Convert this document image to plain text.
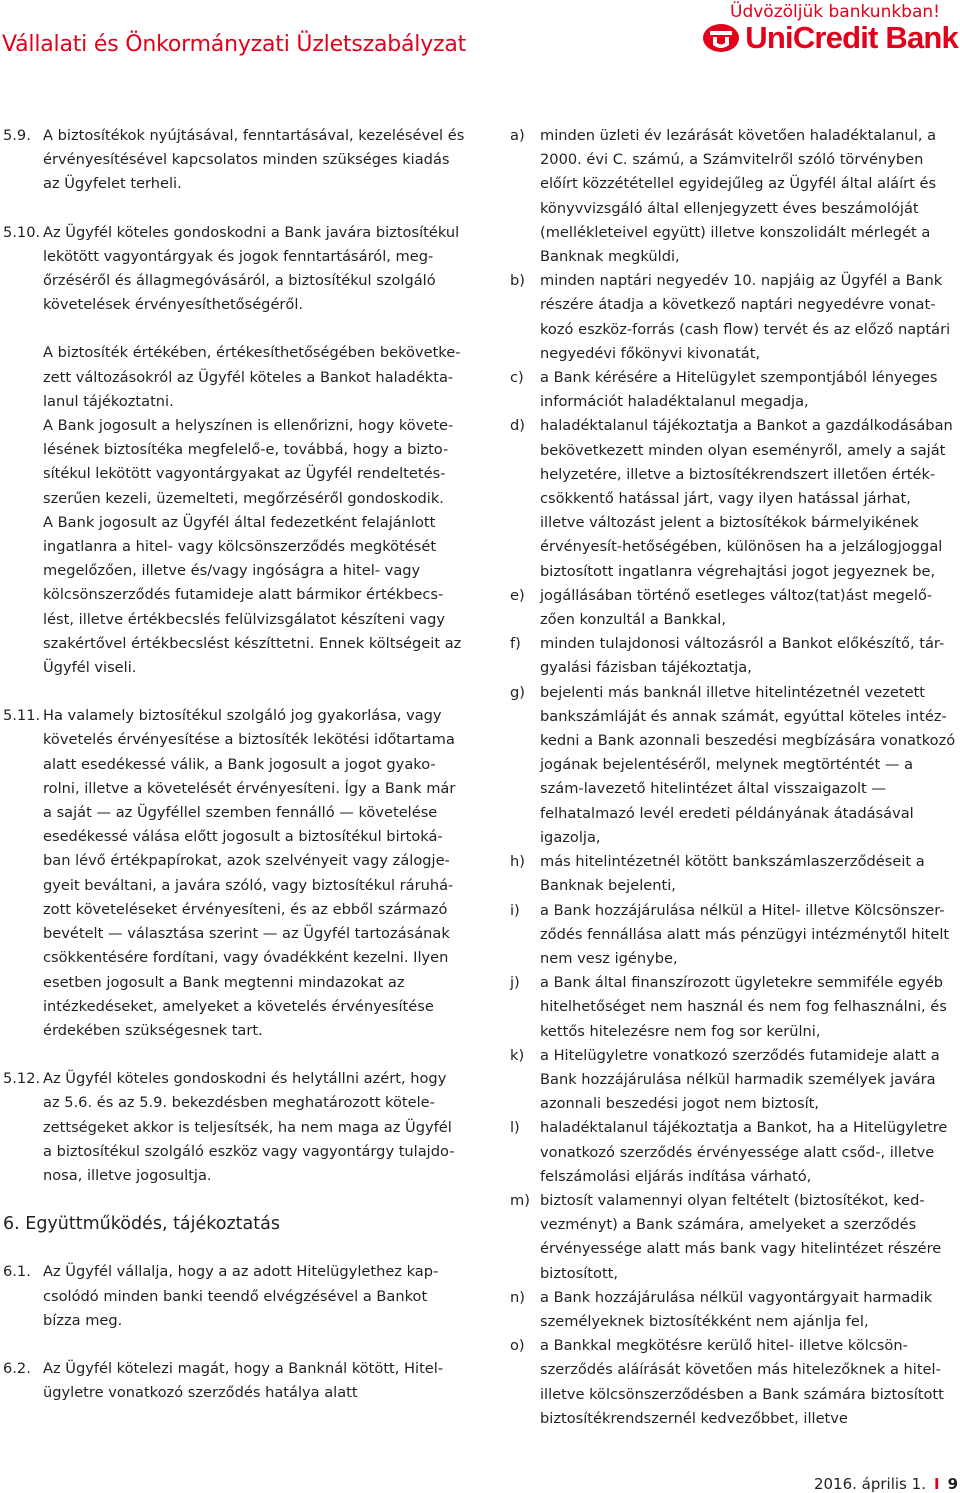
Vállalati és Önkormányzati Üzletszabályzat
Üdvözöljük bankunkban!
UniCredit Bank
5.9. A biztosítékok nyújtásával, fenntartásával, kezelésével és érvényesítésével kapcsolatos minden szükséges kiadás az Ügyfelet terheli.
5.10. Az Ügyfél köteles gondoskodni a Bank javára biztosítékul lekötött vagyontárgyak és jogok fenntartásáról, meg-őrzéséről és állagmegóvásáról, a biztosítékul szolgáló követelések érvényesíthetőségéről.

A biztosíték értékében, értékesíthetőségében bekövetke-zett változásokról az Ügyfél köteles a Bankot haladékta-lanul tájékoztatni.

A Bank jogosult a helyszínen is ellenőrizni, hogy követe-lésének biztosítéka megfelelő-e, továbbá, hogy a bizto-sítékul lekötött vagyontárgyakat az Ügyfél rendeltetés-szerűen kezeli, üzemelteti, megőrzéséről gondoskodik.

A Bank jogosult az Ügyfél által fedezetként felajánlott ingatlanra a hitel- vagy kölcsönszerződés megkötését megelőzően, illetve és/vagy ingóságra a hitel- vagy kölcsönszerződés futamideje alatt bármikor értékbecs-lést, illetve értékbecslés felülvizsgálatot készíteni vagy szakértővel értékbecslést készíttetni. Ennek költségeit az Ügyfél viseli.

5.11. Ha valamely biztosítékul szolgáló jog gyakorlása, vagy követelés érvényesítése a biztosíték lekötési időtartama alatt esedékessé válik, a Bank jogosult a jogot gyako-rolni, illetve a követelését érvényesíteni. Így a Bank már a saját — az Ügyféllel szemben fennálló — követelése esedékessé válása előtt jogosult a biztosítékul birtoká-ban lévő értékpapírokat, azok szelvényeit vagy zálogje-gyeit beváltani, a javára szóló, vagy biztosítékul ráruhá-zott követeléseket érvényesíteni, és az ebből származó bevételt — választása szerint — az Ügyfél tartozásának csökkentésére fordítani, vagy óvadékként kezelni. Ilyen esetben jogosult a Bank megtenni mindazokat az intézkedéseket, amelyeket a követelés érvényesítése érdekében szükségesnek tart.
5.12. Az Ügyfél köteles gondoskodni és helytállni azért, hogy az 5.6. és az 5.9. bekezdésben meghatározott kötele-zettségeket akkor is teljesítsék, ha nem maga az Ügyfél a biztosítékul szolgáló eszköz vagy vagyontárgy tulajdo-nosa, illetve jogosultja.

6. Együttműködés, tájékoztatás

6.1. Az Ügyfél vállalja, hogy a az adott Hitelügylethez kap-csolódó minden banki teendő elvégzésével a Bankot bízza meg.
6.2. Az Ügyfél kötelezi magát, hogy a Banknál kötött, Hitel-ügyletre vonatkozó szerződés hatálya alatt
a) minden üzleti év lezárását követően haladéktalanul, a 2000. évi C. számú, a Számvitelről szóló törvényben előírt közzététellel egyidejűleg az Ügyfél által aláírt és könyvvizsgáló által ellenjegyzett éves beszámolóját (mellékleteivel együtt) illetve konszolidált mérlegét a Banknak megküldi,
b) minden naptári negyedév 10. napjáig az Ügyfél a Bank részére átadja a következő naptári negyedévre vonat-kozó eszköz-forrás (cash flow) tervét és az előző naptári negyedévi főkönyvi kivonatát,
c) a Bank kérésére a Hitelügylet szempontjából lényeges információt haladéktalanul megadja,
d) haladéktalanul tájékoztatja a Bankot a gazdálkodásában bekövetkezett minden olyan eseményről, amely a saját helyzetére, illetve a biztosítékrendszert illetően érték-csökkentő hatással járt, vagy ilyen hatással járhat, illetve változást jelent a biztosítékok bármelyikének érvényesít-hetőségében, különösen ha a jelzálogjoggal biztosított ingatlanra végrehajtási jogot jegyeznek be,
e) jogállásában történő esetleges változ(tat)ást megelő-zően konzultál a Bankkal,
f) minden tulajdonosi változásról a Bankot előkészítő, tár-gyalási fázisban tájékoztatja,
g) bejelenti más banknál illetve hitelintézetnél vezetett bankszámláját és annak számát, egyúttal köteles intéz-kedni a Bank azonnali beszedési megbízására vonatkozó jogának bejelentéséről, melynek megtörténtét — a szám-lavezető hitelintézet által visszaigazolt — felhatalmazó levél eredeti példányának átadásával igazolja,
h) más hitelintézetnél kötött bankszámlaszerződéseit a Banknak bejelenti,
i) a Bank hozzájárulása nélkül a Hitel- illetve Kölcsönszer-ződés fennállása alatt más pénzügyi intézménytől hitelt nem vesz igénybe,
j) a Bank által finanszírozott ügyletekre semmiféle egyéb hitelhetőséget nem használ és nem fog felhasználni, és kettős hitelezésre nem fog sor kerülni,
k) a Hitelügyletre vonatkozó szerződés futamideje alatt a Bank hozzájárulása nélkül harmadik személyek javára azonnali beszedési jogot nem biztosít,
l) haladéktalanul tájékoztatja a Bankot, ha a Hitelügyletre vonatkozó szerződés érvényessége alatt csőd-, illetve felszámolási eljárás indítása várható,
m) biztosít valamennyi olyan feltételt (biztosítékot, ked-vezményt) a Bank számára, amelyeket a szerződés érvényessége alatt más bank vagy hitelintézet részére biztosított,
n) a Bank hozzájárulása nélkül vagyontárgyait harmadik személyeknek biztosítékként nem ajánlja fel,
o) a Bankkal megkötésre kerülő hitel- illetve kölcsön-szerződés aláírását követően más hitelezőknek a hitel- illetve kölcsönszerződésben a Bank számára biztosított biztosítékrendszernél kedvezőbbet, illetve
2016. április 1. I 9
